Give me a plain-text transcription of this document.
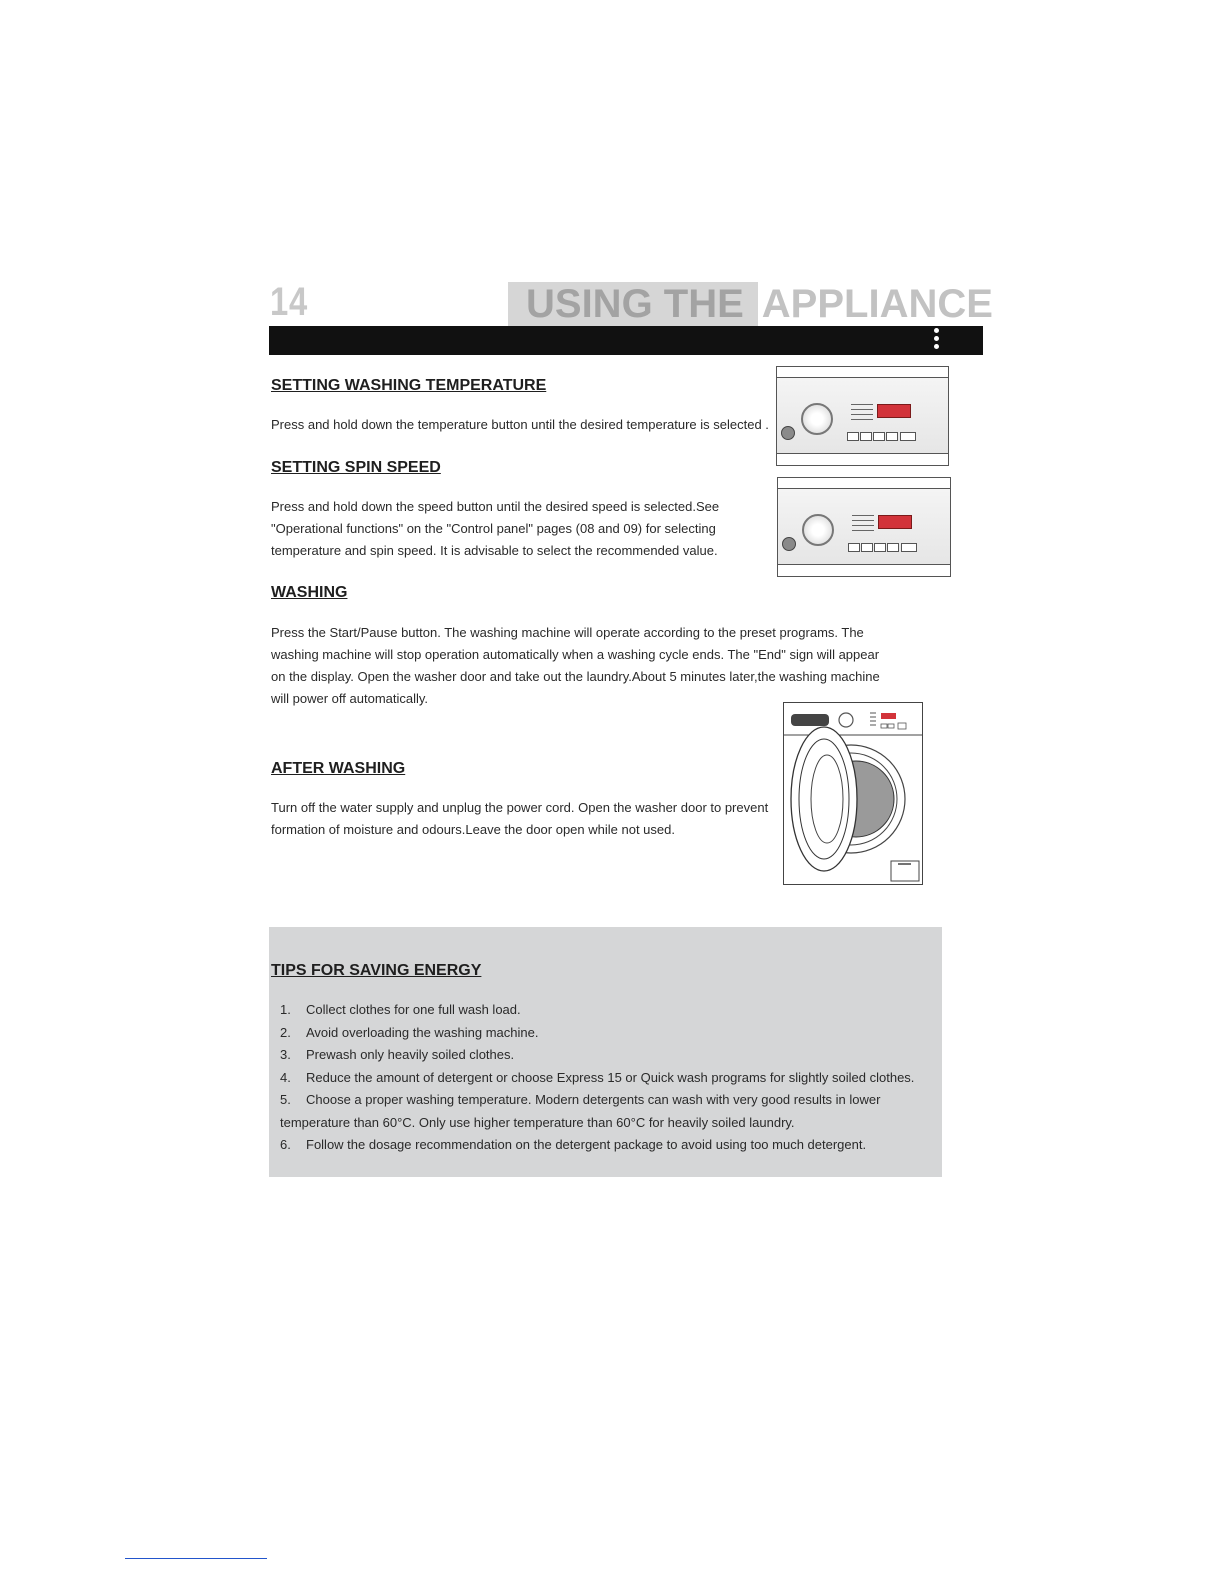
14	USING THE APPLIANCE
SETTING WASHING TEMPERATURE

Press and hold down the temperature button until the desired temperature is selected .

SETTING SPIN SPEED

Press and hold down the speed button until the desired speed is selected.See "Operational functions" on the "Control panel" pages (08 and 09) for selecting temperature and spin speed. It is advisable to select the recommended value.

WASHING

Press the Start/Pause button. The washing machine will operate according to the preset programs. The washing machine will stop operation automatically when a washing cycle ends. The "End" sign will appear on the display. Open the washer door and take out the laundry.About 5 minutes later,the washing machine will power off automatically.

AFTER WASHING

Turn off the water supply and unplug the power cord. Open the washer door to prevent formation of moisture and odours.Leave the door open while not used.

TIPS FOR SAVING ENERGY
1. Collect clothes for one full wash load.
2. Avoid overloading the washing machine.
3. Prewash only heavily soiled clothes.
4. Reduce the amount of detergent or choose Express 15 or Quick wash programs for slightly soiled clothes.
5. Choose a proper washing temperature. Modern detergents can wash with very good results in lower temperature than 60°C. Only use higher temperature than 60°C for heavily soiled laundry.
6. Follow the dosage recommendation on the detergent package to avoid using too much detergent.
